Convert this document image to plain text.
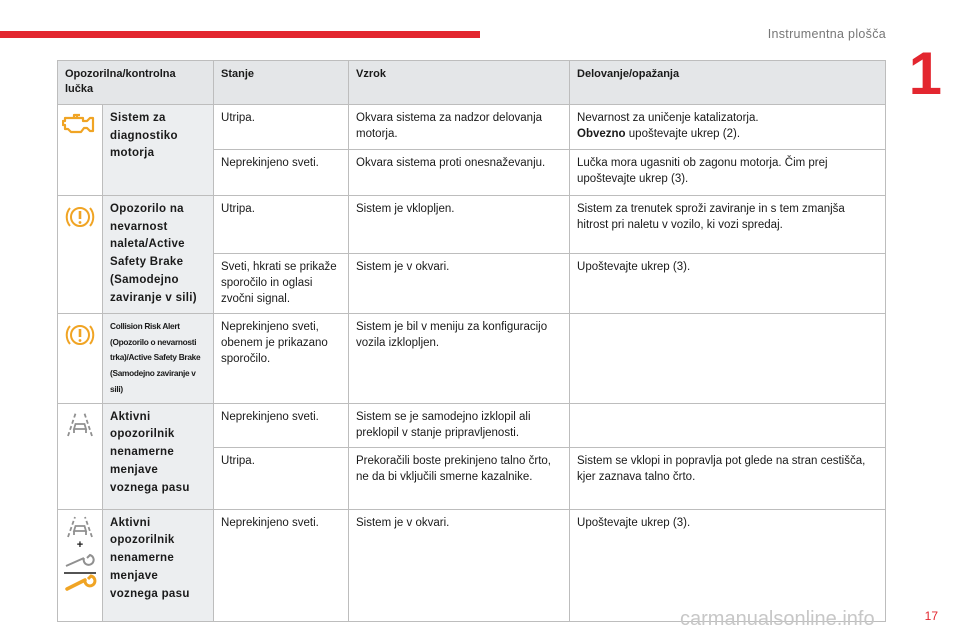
Instrumentna plošča
1
Opozorilna/kontrolna lučka		Stanje	Vzrok	Delovanje/opažanja

	Sistem za diagnostiko motorja	Utripa.	Okvara sistema za nadzor delovanja motorja.	Nevarnost za uničenje katalizatorja.
Obvezno upoštevajte ukrep (2).
		Neprekinjeno sveti.	Okvara sistema proti onesnaževanju.	Lučka mora ugasniti ob zagonu motorja. Čim prej upoštevajte ukrep (3).

	Opozorilo na nevarnost naleta/Active Safety Brake (Samodejno zaviranje v sili)	Utripa.	Sistem je vklopljen.	Sistem za trenutek sproži zaviranje in s tem zmanjša hitrost pri naletu v vozilo, ki vozi spredaj.
		Sveti, hkrati se prikaže sporočilo in oglasi zvočni signal.	Sistem je v okvari.	Upoštevajte ukrep (3).

	Collision Risk Alert (Opozorilo o nevarnosti trka)/Active Safety Brake (Samodejno zaviranje v sili)	Neprekinjeno sveti, obenem je prikazano sporočilo.	Sistem je bil v meniju za konfiguracijo vozila izklopljen.	

	Aktivni opozorilnik nenamerne menjave voznega pasu	Neprekinjeno sveti.	Sistem se je samodejno izklopil ali preklopil v stanje pripravljenosti.	
		Utripa.	Prekoračili boste prekinjeno talno črto, ne da bi vključili smerne kazalnike.	Sistem se vklopi in popravlja pot glede na stran cestišča, kjer zaznava talno črto.

+	Aktivni opozorilnik nenamerne menjave voznega pasu	Neprekinjeno sveti.	Sistem je v okvari.	Upoštevajte ukrep (3).
carmanualsonline.info	17
